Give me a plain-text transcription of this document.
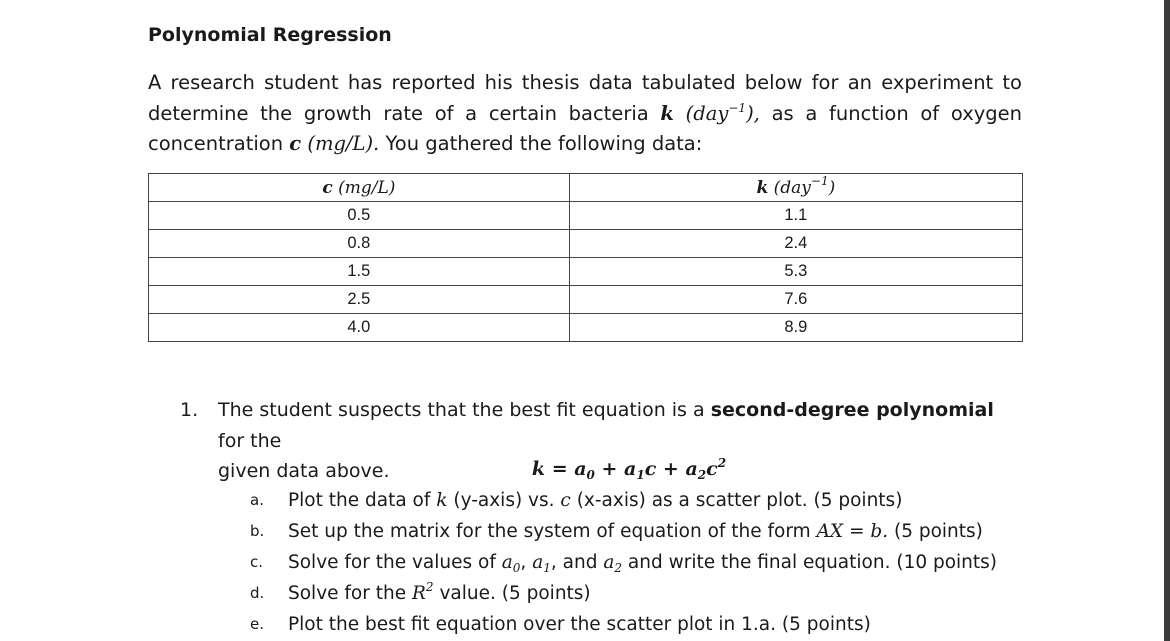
Polynomial Regression
A research student has reported his thesis data tabulated below for an experiment to
determine the growth rate of a certain bacteria k (day$^{-1}$), as a function of oxygen
concentration c (mg/L). You gathered the following data:
c (mg/L)	k (day$^{-1}$)
0.5	1.1
0.8	2.4
1.5	5.3
2.5	7.6
4.0	8.9
1. The student suspects that the best fit equation is a second-degree polynomial for the
given data above.	$k = a_0 + a_1c + a_2c^2$
a. Plot the data of k (y-axis) vs. c (x-axis) as a scatter plot. (5 points)
b. Set up the matrix for the system of equation of the form AX = b. (5 points)
c. Solve for the values of $a_0$, $a_1$, and $a_2$ and write the final equation. (10 points)
d. Solve for the $R^2$ value. (5 points)
e. Plot the best fit equation over the scatter plot in 1.a. (5 points)
